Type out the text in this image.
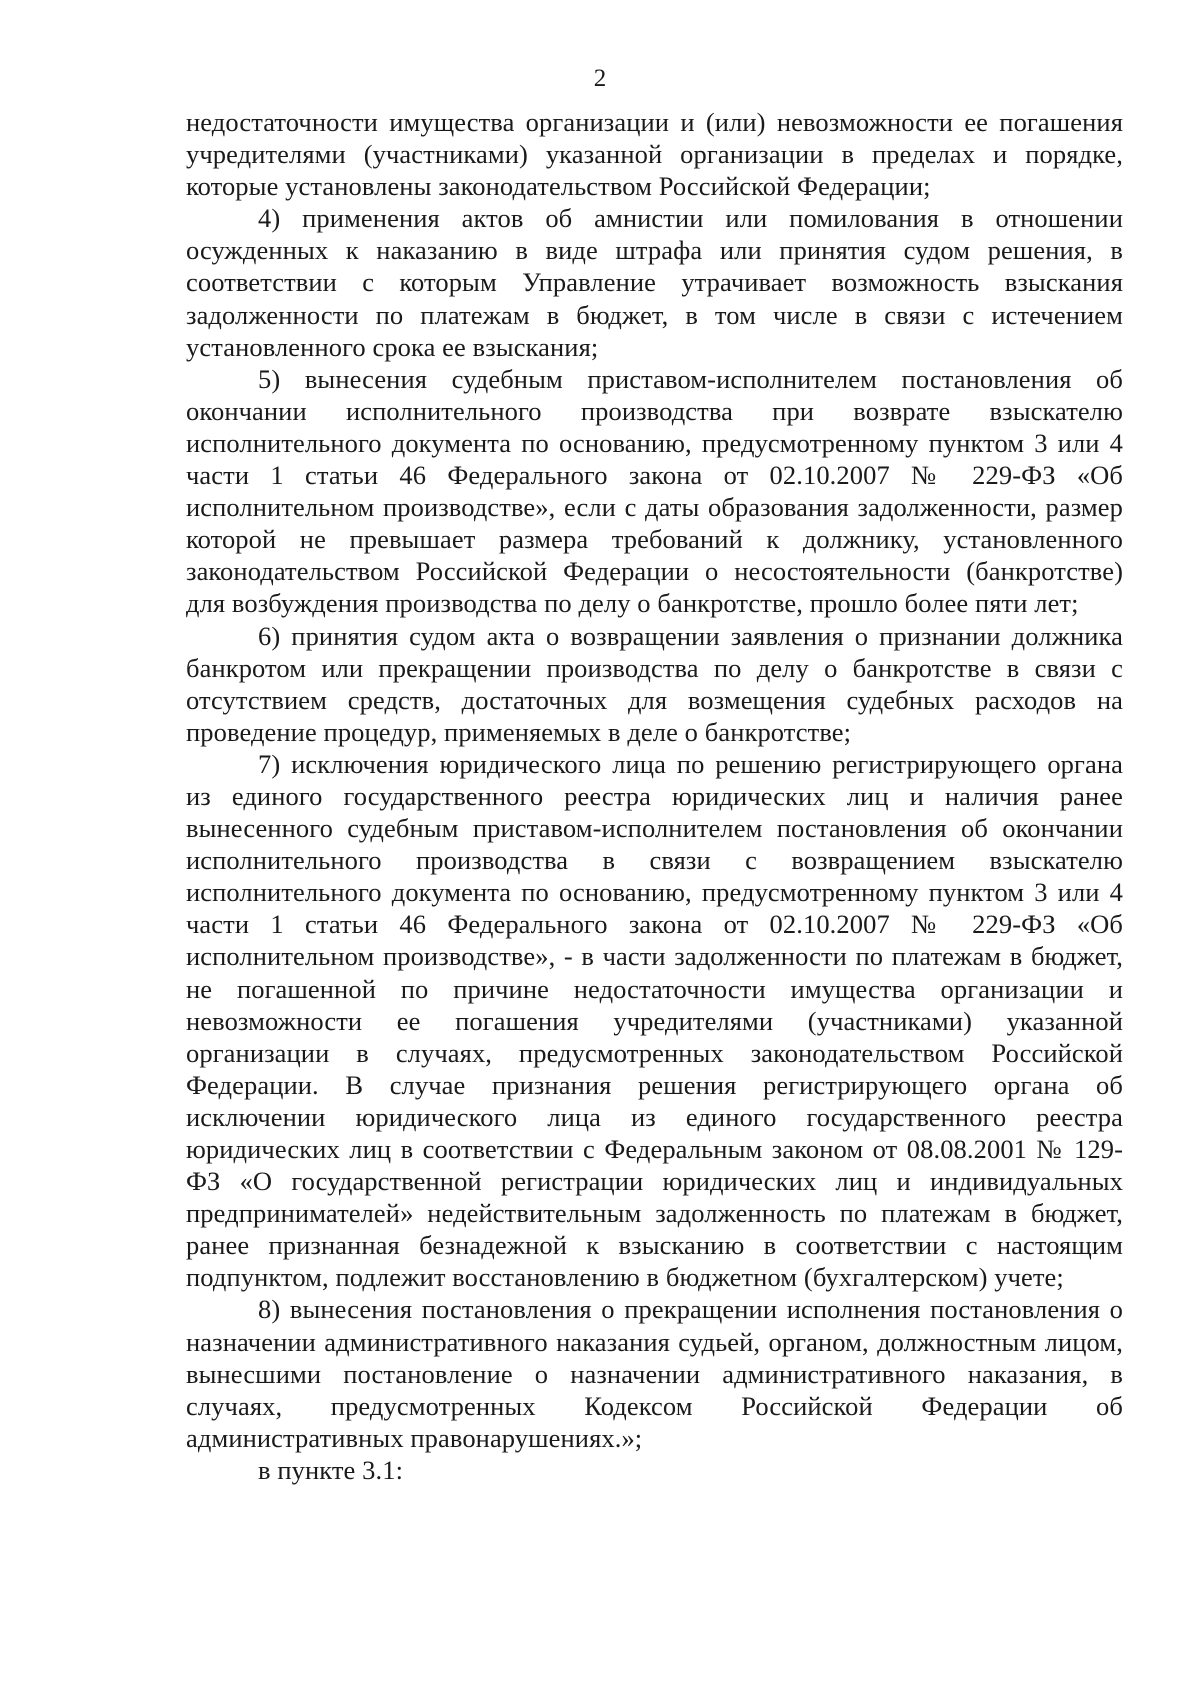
2

недостаточности имущества организации и (или) невозможности ее погашения учредителями (участниками) указанной организации в пределах и порядке, которые установлены законодательством Российской Федерации;

4) применения актов об амнистии или помилования в отношении осужденных к наказанию в виде штрафа или принятия судом решения, в соответствии с которым Управление утрачивает возможность взыскания задолженности по платежам в бюджет, в том числе в связи с истечением установленного срока ее взыскания;

5) вынесения судебным приставом-исполнителем постановления об окончании исполнительного производства при возврате взыскателю исполнительного документа по основанию, предусмотренному пунктом 3 или 4 части 1 статьи 46 Федерального закона от 02.10.2007 № 229-ФЗ «Об исполнительном производстве», если с даты образования задолженности, размер которой не превышает размера требований к должнику, установленного законодательством Российской Федерации о несостоятельности (банкротстве) для возбуждения производства по делу о банкротстве, прошло более пяти лет;

6) принятия судом акта о возвращении заявления о признании должника банкротом или прекращении производства по делу о банкротстве в связи с отсутствием средств, достаточных для возмещения судебных расходов на проведение процедур, применяемых в деле о банкротстве;

7) исключения юридического лица по решению регистрирующего органа из единого государственного реестра юридических лиц и наличия ранее вынесенного судебным приставом-исполнителем постановления об окончании исполнительного производства в связи с возвращением взыскателю исполнительного документа по основанию, предусмотренному пунктом 3 или 4 части 1 статьи 46 Федерального закона от 02.10.2007 № 229-ФЗ «Об исполнительном производстве», - в части задолженности по платежам в бюджет, не погашенной по причине недостаточности имущества организации и невозможности ее погашения учредителями (участниками) указанной организации в случаях, предусмотренных законодательством Российской Федерации. В случае признания решения регистрирующего органа об исключении юридического лица из единого государственного реестра юридических лиц в соответствии с Федеральным законом от 08.08.2001 № 129-ФЗ «О государственной регистрации юридических лиц и индивидуальных предпринимателей» недействительным задолженность по платежам в бюджет, ранее признанная безнадежной к взысканию в соответствии с настоящим подпунктом, подлежит восстановлению в бюджетном (бухгалтерском) учете;

8) вынесения постановления о прекращении исполнения постановления о назначении административного наказания судьей, органом, должностным лицом, вынесшими постановление о назначении административного наказания, в случаях, предусмотренных Кодексом Российской Федерации об административных правонарушениях.»;

в пункте 3.1:
